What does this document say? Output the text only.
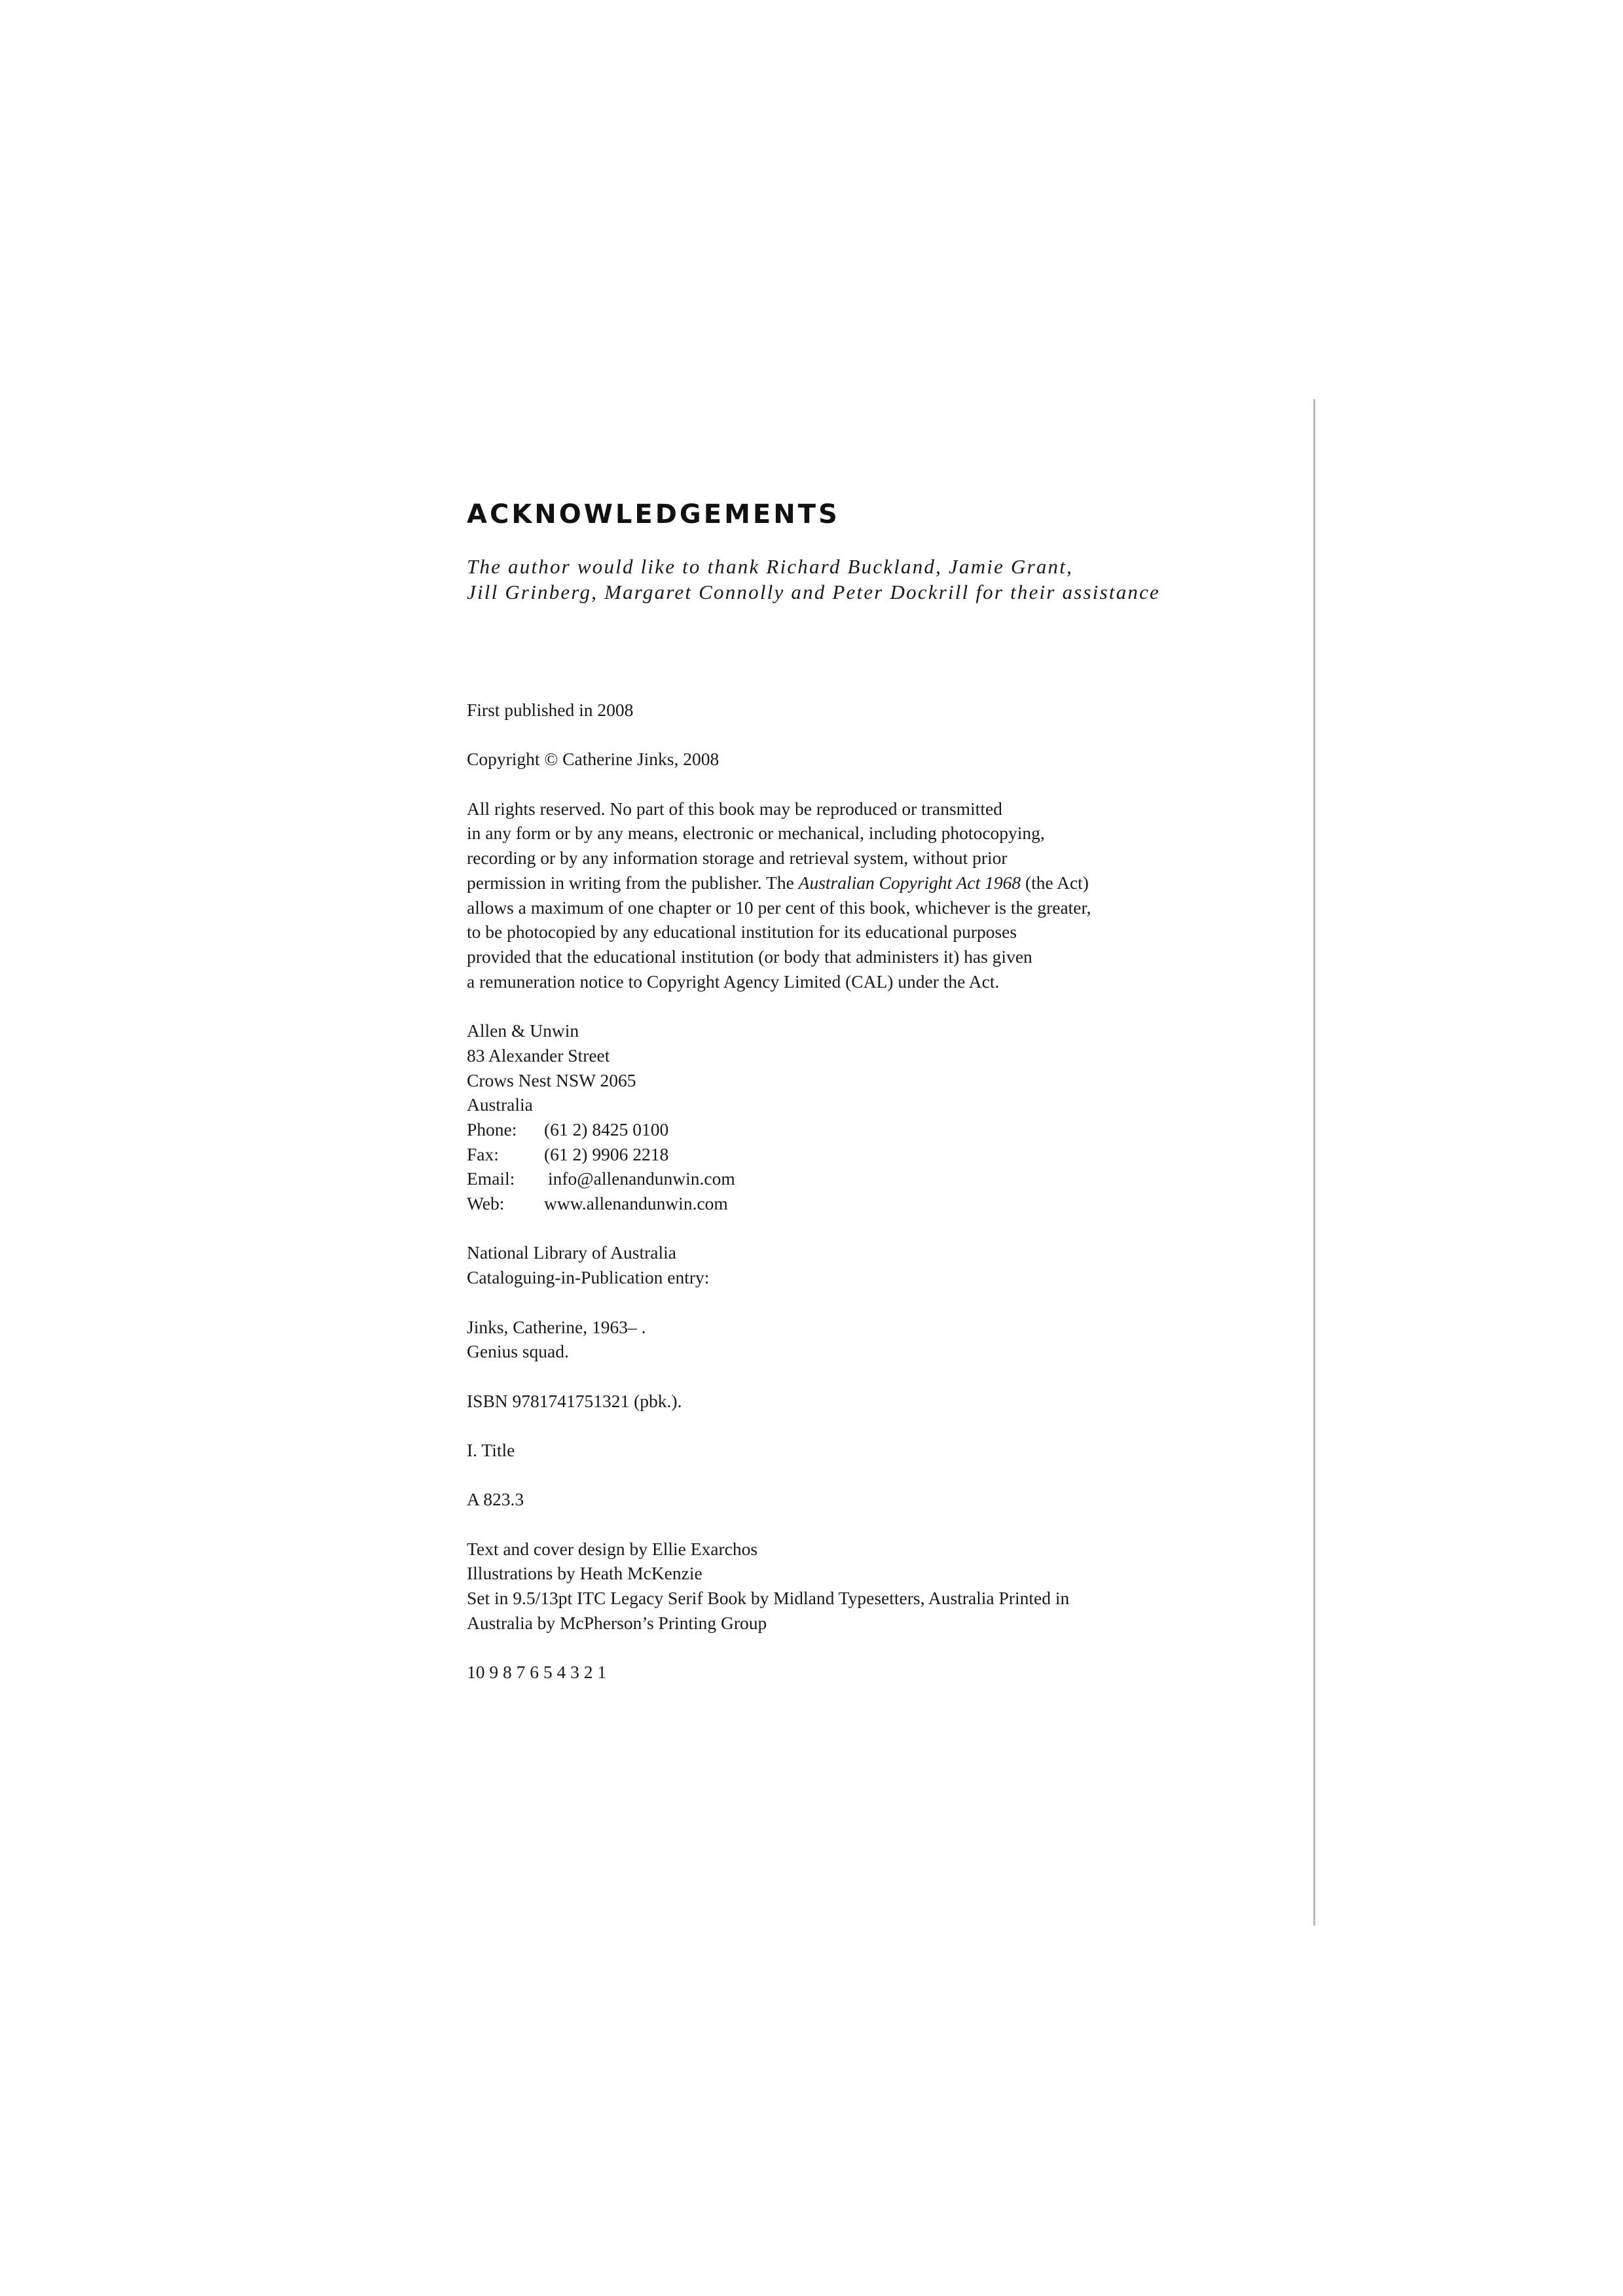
ACKNOWLEDGEMENTS
The author would like to thank Richard Buckland, Jamie Grant,
Jill Grinberg, Margaret Connolly and Peter Dockrill for their assistance
First published in 2008
Copyright © Catherine Jinks, 2008
All rights reserved. No part of this book may be reproduced or transmitted
in any form or by any means, electronic or mechanical, including photocopying,
recording or by any information storage and retrieval system, without prior
permission in writing from the publisher. The Australian Copyright Act 1968 (the Act)
allows a maximum of one chapter or 10 per cent of this book, whichever is the greater,
to be photocopied by any educational institution for its educational purposes
provided that the educational institution (or body that administers it) has given
a remuneration notice to Copyright Agency Limited (CAL) under the Act.
Allen & Unwin
83 Alexander Street
Crows Nest NSW 2065
Australia
Phone:	(61 2) 8425 0100
Fax:	(61 2) 9906 2218
Email:	info@allenandunwin.com
Web:	www.allenandunwin.com
National Library of Australia
Cataloguing-in-Publication entry:
Jinks, Catherine, 1963– .
Genius squad.
ISBN 9781741751321 (pbk.).
I. Title
A 823.3
Text and cover design by Ellie Exarchos
Illustrations by Heath McKenzie
Set in 9.5/13pt ITC Legacy Serif Book by Midland Typesetters, Australia Printed in
Australia by McPherson’s Printing Group
10 9 8 7 6 5 4 3 2 1
